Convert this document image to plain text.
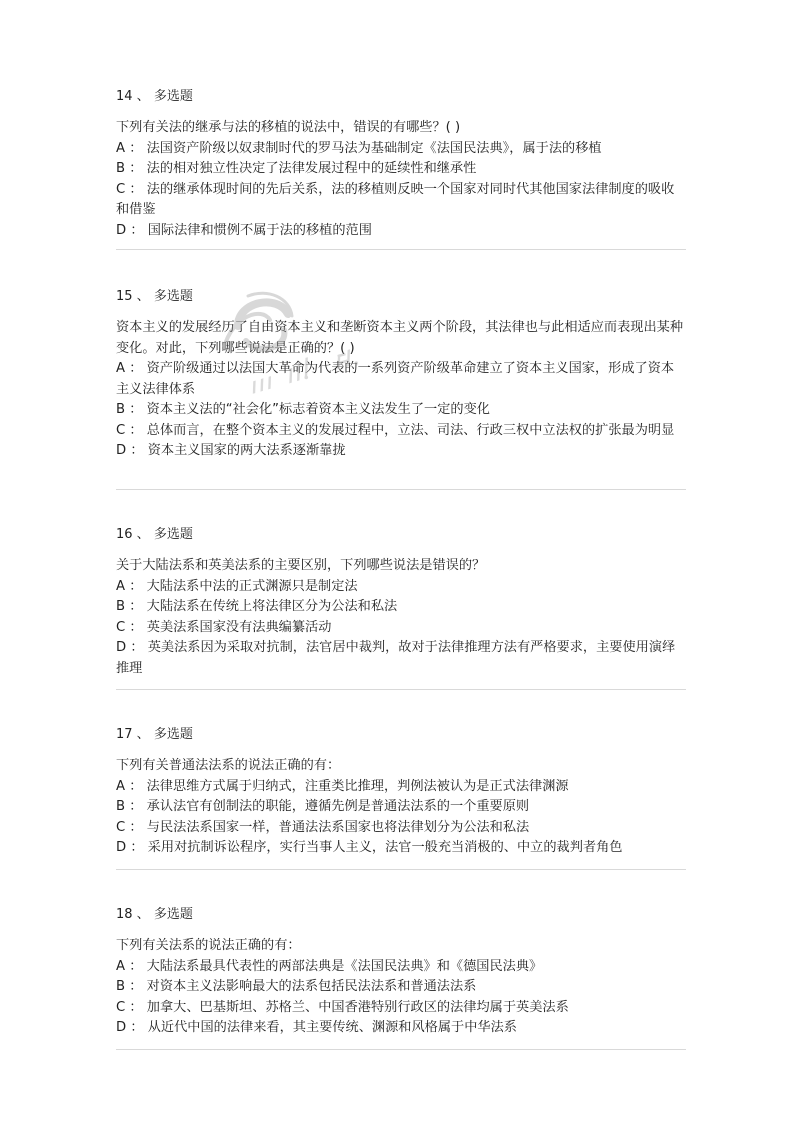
14 、 多选题

下列有关法的继承与法的移植的说法中，错误的有哪些？( )

A ： 法国资产阶级以奴隶制时代的罗马法为基础制定《法国民法典》，属于法的移植

B ： 法的相对独立性决定了法律发展过程中的延续性和继承性

C ： 法的继承体现时间的先后关系，法的移植则反映一个国家对同时代其他国家法律制度的吸收和借鉴

D ： 国际法律和惯例不属于法的移植的范围

15 、 多选题

资本主义的发展经历了自由资本主义和垄断资本主义两个阶段，其法律也与此相适应而表现出某种变化。对此，下列哪些说法是正确的？( )

A ： 资产阶级通过以法国大革命为代表的一系列资产阶级革命建立了资本主义国家，形成了资本主义法律体系

B ： 资本主义法的“社会化”标志着资本主义法发生了一定的变化

C ： 总体而言，在整个资本主义的发展过程中，立法、司法、行政三权中立法权的扩张最为明显

D ： 资本主义国家的两大法系逐渐靠拢

16 、 多选题

关于大陆法系和英美法系的主要区别，下列哪些说法是错误的？

A ： 大陆法系中法的正式渊源只是制定法

B ： 大陆法系在传统上将法律区分为公法和私法

C ： 英美法系国家没有法典编纂活动

D ： 英美法系因为采取对抗制，法官居中裁判，故对于法律推理方法有严格要求，主要使用演绎推理

17 、 多选题

下列有关普通法法系的说法正确的有：

A ： 法律思维方式属于归纳式，注重类比推理，判例法被认为是正式法律渊源

B ： 承认法官有创制法的职能，遵循先例是普通法法系的一个重要原则

C ： 与民法法系国家一样，普通法法系国家也将法律划分为公法和私法

D ： 采用对抗制诉讼程序，实行当事人主义，法官一般充当消极的、中立的裁判者角色

18 、 多选题

下列有关法系的说法正确的有：

A ： 大陆法系最具代表性的两部法典是《法国民法典》和《德国民法典》

B ： 对资本主义法影响最大的法系包括民法法系和普通法法系

C ： 加拿大、巴基斯坦、苏格兰、中国香港特别行政区的法律均属于英美法系

D ： 从近代中国的法律来看，其主要传统、渊源和风格属于中华法系
